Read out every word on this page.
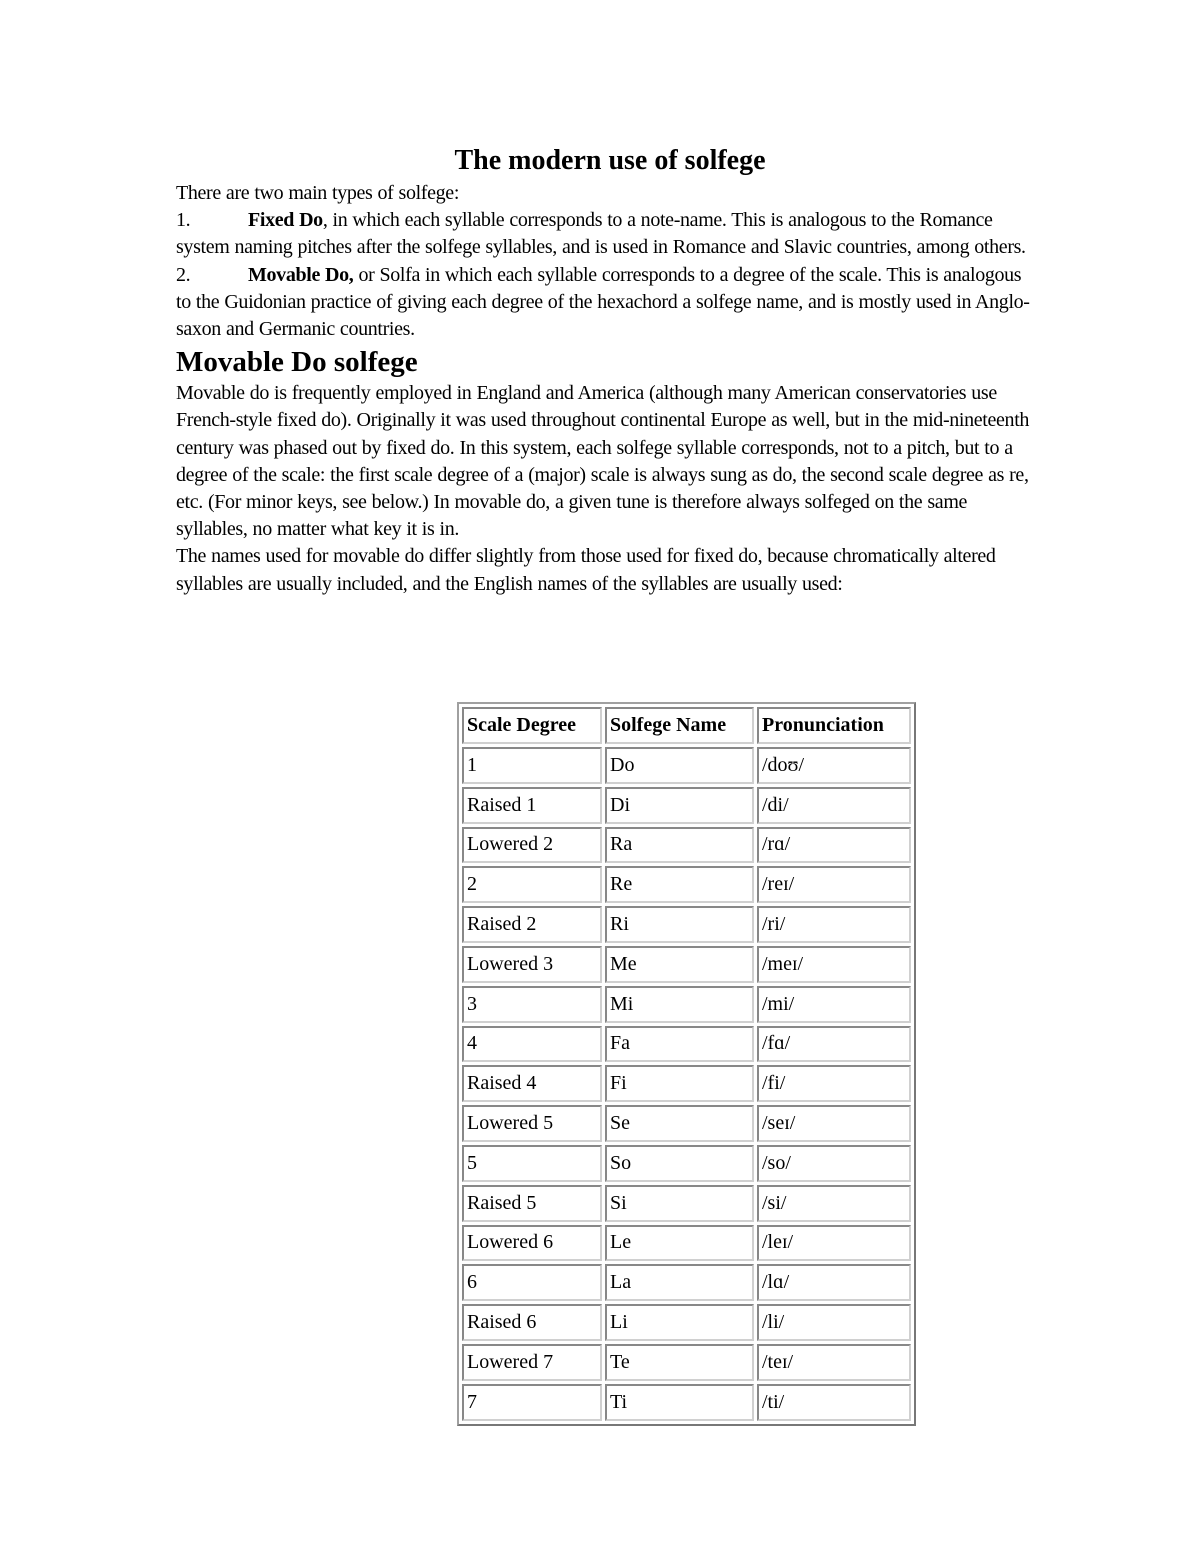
The modern use of solfege

There are two main types of solfege:

1.	Fixed Do, in which each syllable corresponds to a note-name. This is analogous to the Romance system naming pitches after the solfege syllables, and is used in Romance and Slavic countries, among others.

2.	Movable Do, or Solfa in which each syllable corresponds to a degree of the scale. This is analogous to the Guidonian practice of giving each degree of the hexachord a solfege name, and is mostly used in Anglo-saxon and Germanic countries.

Movable Do solfege

Movable do is frequently employed in England and America (although many American conservatories use French-style fixed do). Originally it was used throughout continental Europe as well, but in the mid-nineteenth century was phased out by fixed do. In this system, each solfege syllable corresponds, not to a pitch, but to a degree of the scale: the first scale degree of a (major) scale is always sung as do, the second scale degree as re, etc. (For minor keys, see below.) In movable do, a given tune is therefore always solfeged on the same syllables, no matter what key it is in.

The names used for movable do differ slightly from those used for fixed do, because chromatically altered syllables are usually included, and the English names of the syllables are usually used:

Scale Degree	Solfege Name	Pronunciation
1	Do	/doʊ/
Raised 1	Di	/di/
Lowered 2	Ra	/rɑ/
2	Re	/reɪ/
Raised 2	Ri	/ri/
Lowered 3	Me	/meɪ/
3	Mi	/mi/
4	Fa	/fɑ/
Raised 4	Fi	/fi/
Lowered 5	Se	/seɪ/
5	So	/so/
Raised 5	Si	/si/
Lowered 6	Le	/leɪ/
6	La	/lɑ/
Raised 6	Li	/li/
Lowered 7	Te	/teɪ/
7	Ti	/ti/
